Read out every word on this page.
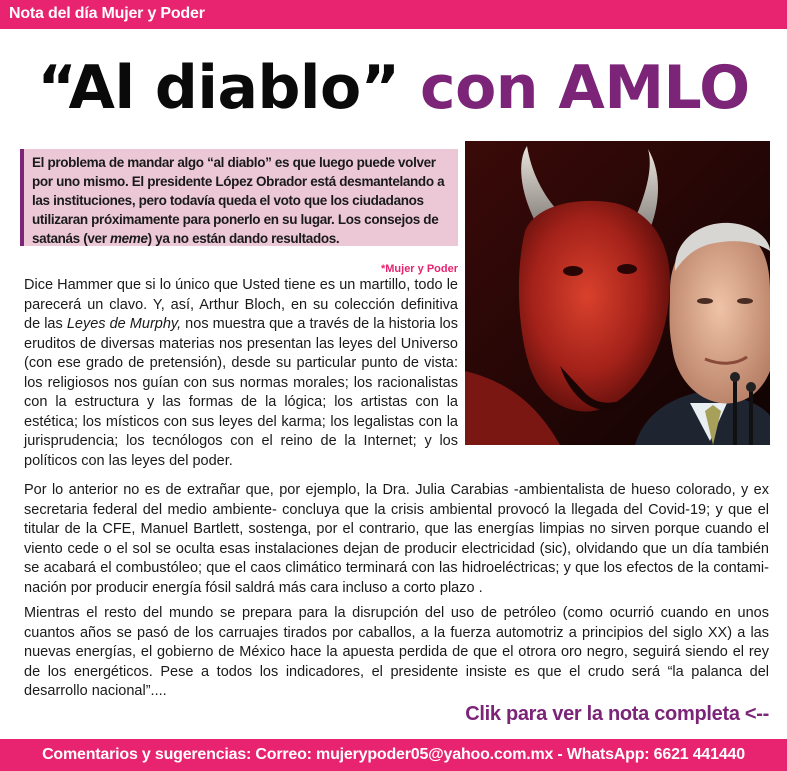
Nota del día Mujer y Poder
“Al diablo” con AMLO
El problema de mandar algo “al diablo” es que luego puede volver por uno mismo. El presidente López Obrador está desmantelando a las instituciones, pero todavía queda el voto que los ciudadanos utilizaran próximamente para ponerlo en su lugar. Los consejos de satanás (ver meme) ya no están dando resultados.
*Mujer y Poder
Dice Hammer que si lo único que Usted tiene es un martillo, todo le parecerá un clavo. Y, así, Arthur Bloch, en su colección definitiva de las Leyes de Murphy, nos muestra que a través de la historia los eruditos de diversas materias nos presentan las leyes del Universo (con ese grado de pretensión), desde su particular punto de vista: los religiosos nos guían con sus normas morales; los racionalistas con la estructura y las formas de la lógica; los artistas con la estética; los místicos con sus leyes del karma; los legalistas con la jurisprudencia; los tecnólogos con el reino de la Internet; y los políticos con las leyes del poder.
Por lo anterior no es de extrañar que, por ejemplo, la Dra. Julia Carabias -ambientalista de hueso colorado, y ex secretaria federal del medio ambiente- concluya que la crisis ambiental provocó la llegada del Covid-19; y que el titular de la CFE, Manuel Bartlett, sostenga, por el contrario, que las energías limpias no sirven porque cuando el viento cede o el sol se oculta esas instalaciones dejan de producir electricidad (sic), olvidando que un día también se acabará el combustóleo; que el caos climático terminará con las hidroeléctricas; y que los efectos de la contaminación por producir energía fósil saldrá más cara incluso a corto plazo .
Mientras el resto del mundo se prepara para la disrupción del uso de petróleo (como ocurrió cuando en unos cuantos años se pasó de los carruajes tirados por caballos, a la fuerza automotriz a principios del siglo XX) a las nuevas energías, el gobierno de México hace la apuesta perdida de que el otrora oro negro, seguirá siendo el rey de los energéticos. Pese a todos los indicadores, el presidente insiste es que el crudo será “la palanca del desarrollo nacional”....
Clik para ver la nota completa <--
Comentarios y sugerencias: Correo: mujerypoder05@yahoo.com.mx - WhatsApp: 6621 441440
